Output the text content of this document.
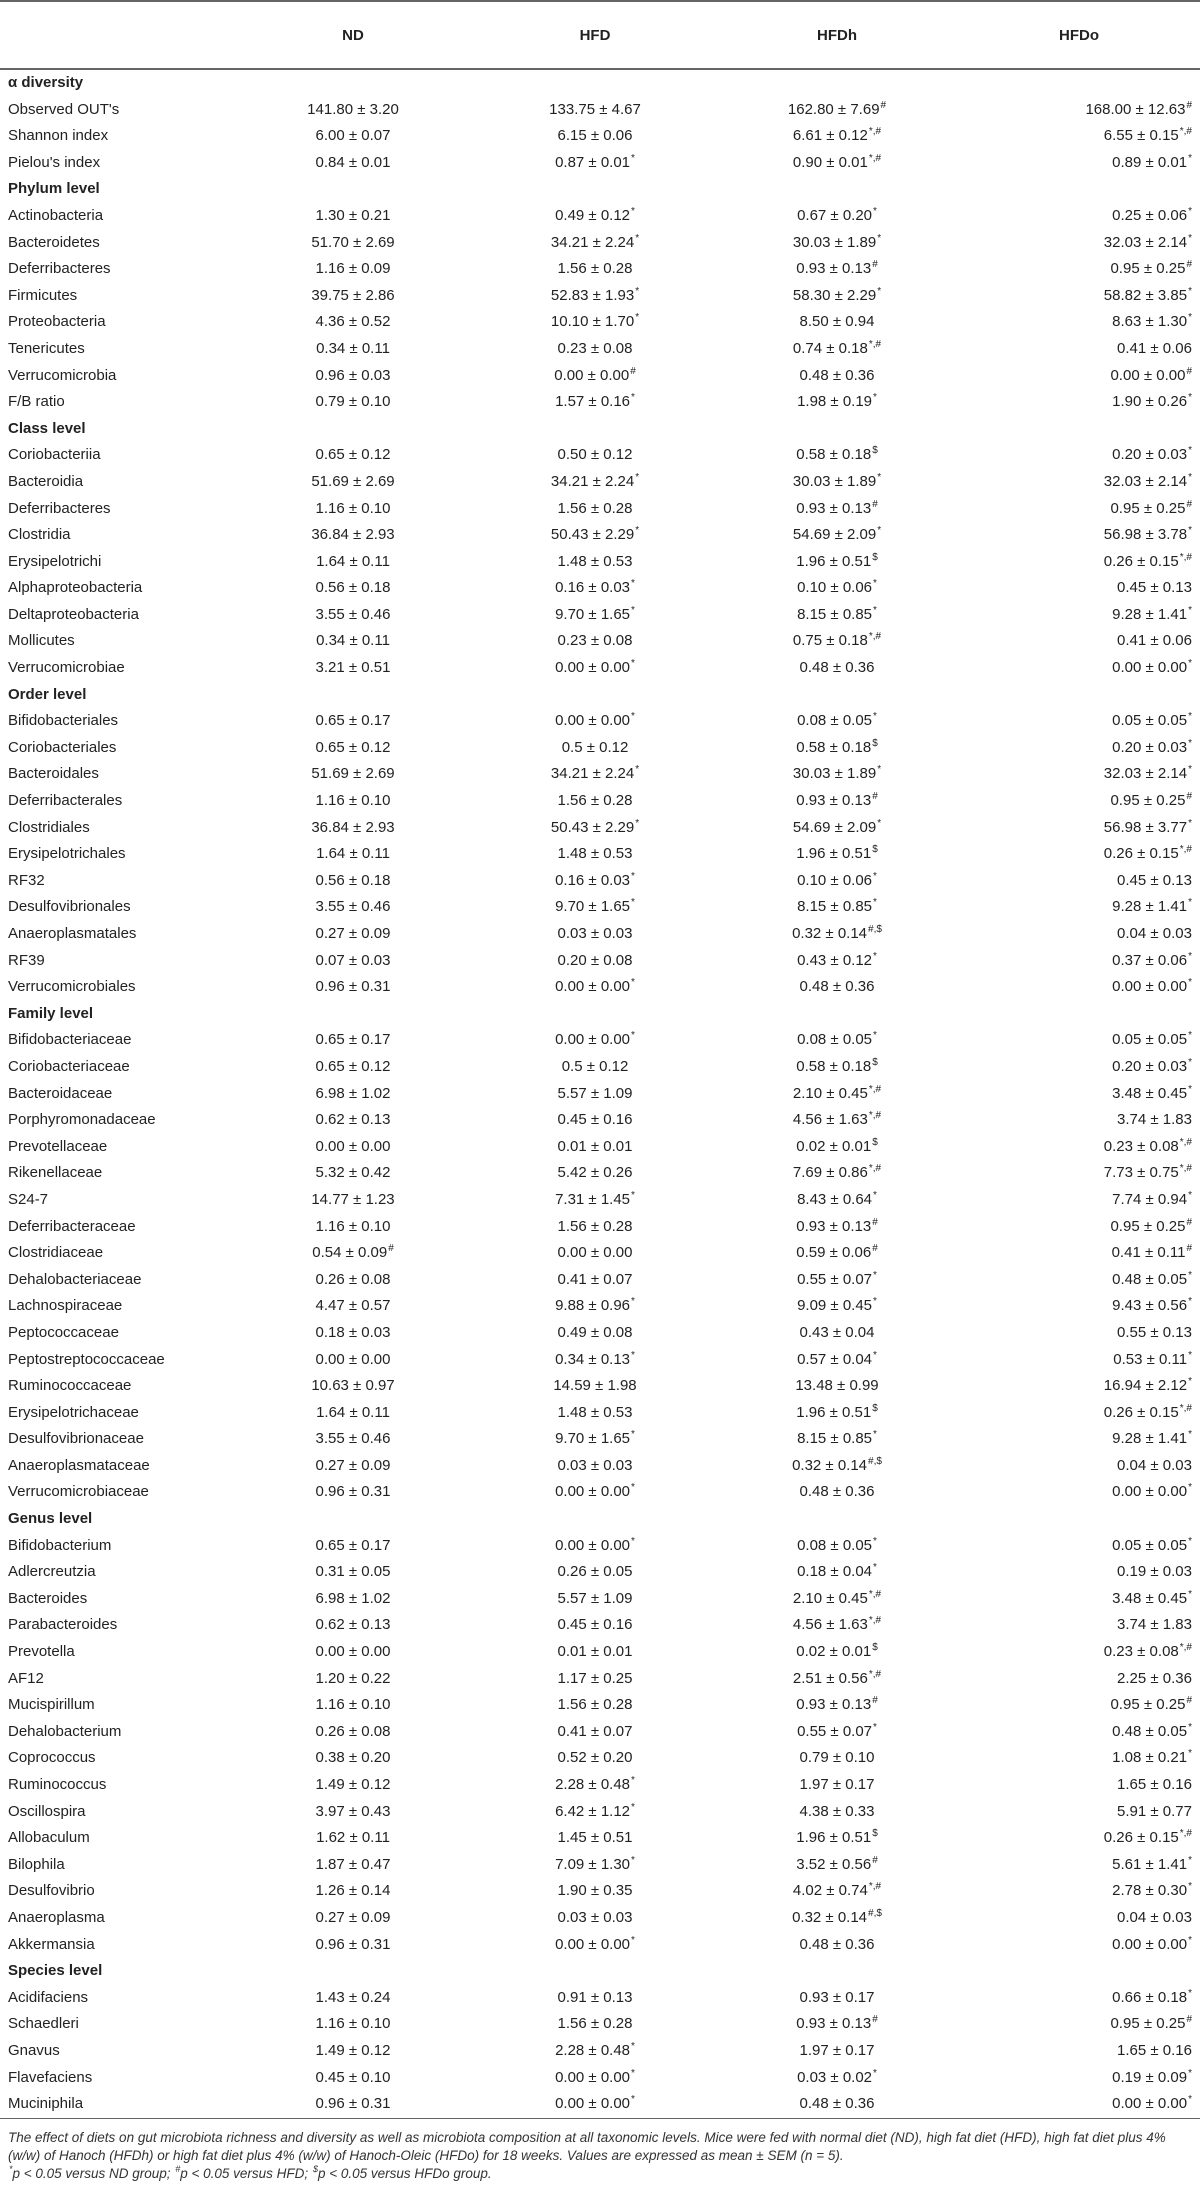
	ND	HFD	HFDh	HFDo
α diversity				
Observed OUT's	141.80 ± 3.20	133.75 ± 4.67	162.80 ± 7.69#	168.00 ± 12.63#
Shannon index	6.00 ± 0.07	6.15 ± 0.06	6.61 ± 0.12*,#	6.55 ± 0.15*,#
Pielou's index	0.84 ± 0.01	0.87 ± 0.01*	0.90 ± 0.01*,#	0.89 ± 0.01*
Phylum level				
Actinobacteria	1.30 ± 0.21	0.49 ± 0.12*	0.67 ± 0.20*	0.25 ± 0.06*
Bacteroidetes	51.70 ± 2.69	34.21 ± 2.24*	30.03 ± 1.89*	32.03 ± 2.14*
Deferribacteres	1.16 ± 0.09	1.56 ± 0.28	0.93 ± 0.13#	0.95 ± 0.25#
Firmicutes	39.75 ± 2.86	52.83 ± 1.93*	58.30 ± 2.29*	58.82 ± 3.85*
Proteobacteria	4.36 ± 0.52	10.10 ± 1.70*	8.50 ± 0.94	8.63 ± 1.30*
Tenericutes	0.34 ± 0.11	0.23 ± 0.08	0.74 ± 0.18*,#	0.41 ± 0.06
Verrucomicrobia	0.96 ± 0.03	0.00 ± 0.00#	0.48 ± 0.36	0.00 ± 0.00#
F/B ratio	0.79 ± 0.10	1.57 ± 0.16*	1.98 ± 0.19*	1.90 ± 0.26*
Class level				
Coriobacteriia	0.65 ± 0.12	0.50 ± 0.12	0.58 ± 0.18$	0.20 ± 0.03*
Bacteroidia	51.69 ± 2.69	34.21 ± 2.24*	30.03 ± 1.89*	32.03 ± 2.14*
Deferribacteres	1.16 ± 0.10	1.56 ± 0.28	0.93 ± 0.13#	0.95 ± 0.25#
Clostridia	36.84 ± 2.93	50.43 ± 2.29*	54.69 ± 2.09*	56.98 ± 3.78*
Erysipelotrichi	1.64 ± 0.11	1.48 ± 0.53	1.96 ± 0.51$	0.26 ± 0.15*,#
Alphaproteobacteria	0.56 ± 0.18	0.16 ± 0.03*	0.10 ± 0.06*	0.45 ± 0.13
Deltaproteobacteria	3.55 ± 0.46	9.70 ± 1.65*	8.15 ± 0.85*	9.28 ± 1.41*
Mollicutes	0.34 ± 0.11	0.23 ± 0.08	0.75 ± 0.18*,#	0.41 ± 0.06
Verrucomicrobiae	3.21 ± 0.51	0.00 ± 0.00*	0.48 ± 0.36	0.00 ± 0.00*
Order level				
Bifidobacteriales	0.65 ± 0.17	0.00 ± 0.00*	0.08 ± 0.05*	0.05 ± 0.05*
Coriobacteriales	0.65 ± 0.12	0.5 ± 0.12	0.58 ± 0.18$	0.20 ± 0.03*
Bacteroidales	51.69 ± 2.69	34.21 ± 2.24*	30.03 ± 1.89*	32.03 ± 2.14*
Deferribacterales	1.16 ± 0.10	1.56 ± 0.28	0.93 ± 0.13#	0.95 ± 0.25#
Clostridiales	36.84 ± 2.93	50.43 ± 2.29*	54.69 ± 2.09*	56.98 ± 3.77*
Erysipelotrichales	1.64 ± 0.11	1.48 ± 0.53	1.96 ± 0.51$	0.26 ± 0.15*,#
RF32	0.56 ± 0.18	0.16 ± 0.03*	0.10 ± 0.06*	0.45 ± 0.13
Desulfovibrionales	3.55 ± 0.46	9.70 ± 1.65*	8.15 ± 0.85*	9.28 ± 1.41*
Anaeroplasmatales	0.27 ± 0.09	0.03 ± 0.03	0.32 ± 0.14#,$	0.04 ± 0.03
RF39	0.07 ± 0.03	0.20 ± 0.08	0.43 ± 0.12*	0.37 ± 0.06*
Verrucomicrobiales	0.96 ± 0.31	0.00 ± 0.00*	0.48 ± 0.36	0.00 ± 0.00*
Family level				
Bifidobacteriaceae	0.65 ± 0.17	0.00 ± 0.00*	0.08 ± 0.05*	0.05 ± 0.05*
Coriobacteriaceae	0.65 ± 0.12	0.5 ± 0.12	0.58 ± 0.18$	0.20 ± 0.03*
Bacteroidaceae	6.98 ± 1.02	5.57 ± 1.09	2.10 ± 0.45*,#	3.48 ± 0.45*
Porphyromonadaceae	0.62 ± 0.13	0.45 ± 0.16	4.56 ± 1.63*,#	3.74 ± 1.83
Prevotellaceae	0.00 ± 0.00	0.01 ± 0.01	0.02 ± 0.01$	0.23 ± 0.08*,#
Rikenellaceae	5.32 ± 0.42	5.42 ± 0.26	7.69 ± 0.86*,#	7.73 ± 0.75*,#
S24-7	14.77 ± 1.23	7.31 ± 1.45*	8.43 ± 0.64*	7.74 ± 0.94*
Deferribacteraceae	1.16 ± 0.10	1.56 ± 0.28	0.93 ± 0.13#	0.95 ± 0.25#
Clostridiaceae	0.54 ± 0.09#	0.00 ± 0.00	0.59 ± 0.06#	0.41 ± 0.11#
Dehalobacteriaceae	0.26 ± 0.08	0.41 ± 0.07	0.55 ± 0.07*	0.48 ± 0.05*
Lachnospiraceae	4.47 ± 0.57	9.88 ± 0.96*	9.09 ± 0.45*	9.43 ± 0.56*
Peptococcaceae	0.18 ± 0.03	0.49 ± 0.08	0.43 ± 0.04	0.55 ± 0.13
Peptostreptococcaceae	0.00 ± 0.00	0.34 ± 0.13*	0.57 ± 0.04*	0.53 ± 0.11*
Ruminococcaceae	10.63 ± 0.97	14.59 ± 1.98	13.48 ± 0.99	16.94 ± 2.12*
Erysipelotrichaceae	1.64 ± 0.11	1.48 ± 0.53	1.96 ± 0.51$	0.26 ± 0.15*,#
Desulfovibrionaceae	3.55 ± 0.46	9.70 ± 1.65*	8.15 ± 0.85*	9.28 ± 1.41*
Anaeroplasmataceae	0.27 ± 0.09	0.03 ± 0.03	0.32 ± 0.14#,$	0.04 ± 0.03
Verrucomicrobiaceae	0.96 ± 0.31	0.00 ± 0.00*	0.48 ± 0.36	0.00 ± 0.00*
Genus level				
Bifidobacterium	0.65 ± 0.17	0.00 ± 0.00*	0.08 ± 0.05*	0.05 ± 0.05*
Adlercreutzia	0.31 ± 0.05	0.26 ± 0.05	0.18 ± 0.04*	0.19 ± 0.03
Bacteroides	6.98 ± 1.02	5.57 ± 1.09	2.10 ± 0.45*,#	3.48 ± 0.45*
Parabacteroides	0.62 ± 0.13	0.45 ± 0.16	4.56 ± 1.63*,#	3.74 ± 1.83
Prevotella	0.00 ± 0.00	0.01 ± 0.01	0.02 ± 0.01$	0.23 ± 0.08*,#
AF12	1.20 ± 0.22	1.17 ± 0.25	2.51 ± 0.56*,#	2.25 ± 0.36
Mucispirillum	1.16 ± 0.10	1.56 ± 0.28	0.93 ± 0.13#	0.95 ± 0.25#
Dehalobacterium	0.26 ± 0.08	0.41 ± 0.07	0.55 ± 0.07*	0.48 ± 0.05*
Coprococcus	0.38 ± 0.20	0.52 ± 0.20	0.79 ± 0.10	1.08 ± 0.21*
Ruminococcus	1.49 ± 0.12	2.28 ± 0.48*	1.97 ± 0.17	1.65 ± 0.16
Oscillospira	3.97 ± 0.43	6.42 ± 1.12*	4.38 ± 0.33	5.91 ± 0.77
Allobaculum	1.62 ± 0.11	1.45 ± 0.51	1.96 ± 0.51$	0.26 ± 0.15*,#
Bilophila	1.87 ± 0.47	7.09 ± 1.30*	3.52 ± 0.56#	5.61 ± 1.41*
Desulfovibrio	1.26 ± 0.14	1.90 ± 0.35	4.02 ± 0.74*,#	2.78 ± 0.30*
Anaeroplasma	0.27 ± 0.09	0.03 ± 0.03	0.32 ± 0.14#,$	0.04 ± 0.03
Akkermansia	0.96 ± 0.31	0.00 ± 0.00*	0.48 ± 0.36	0.00 ± 0.00*
Species level				
Acidifaciens	1.43 ± 0.24	0.91 ± 0.13	0.93 ± 0.17	0.66 ± 0.18*
Schaedleri	1.16 ± 0.10	1.56 ± 0.28	0.93 ± 0.13#	0.95 ± 0.25#
Gnavus	1.49 ± 0.12	2.28 ± 0.48*	1.97 ± 0.17	1.65 ± 0.16
Flavefaciens	0.45 ± 0.10	0.00 ± 0.00*	0.03 ± 0.02*	0.19 ± 0.09*
Muciniphila	0.96 ± 0.31	0.00 ± 0.00*	0.48 ± 0.36	0.00 ± 0.00*

The effect of diets on gut microbiota richness and diversity as well as microbiota composition at all taxonomic levels. Mice were fed with normal diet (ND), high fat diet (HFD), high fat diet plus 4% (w/w) of Hanoch (HFDh) or high fat diet plus 4% (w/w) of Hanoch-Oleic (HFDo) for 18 weeks. Values are expressed as mean ± SEM (n = 5).

*p < 0.05 versus ND group; #p < 0.05 versus HFD; $p < 0.05 versus HFDo group.
